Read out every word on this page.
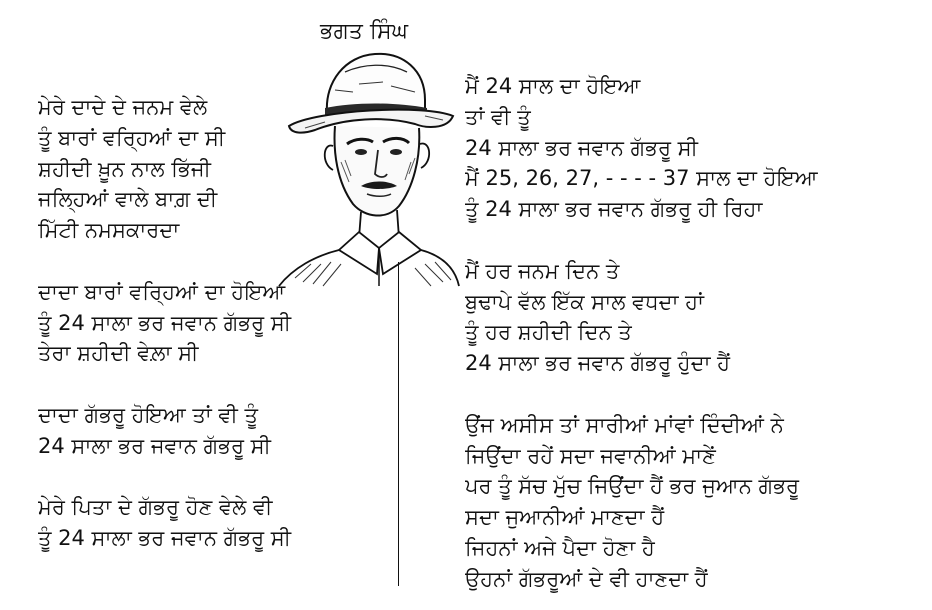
ਭਗਤ ਸਿੰਘ
ਮੇਰੇ ਦਾਦੇ ਦੇ ਜਨਮ ਵੇਲੇ
ਤੂੰ ਬਾਰਾਂ ਵਰ੍ਹਿਆਂ ਦਾ ਸੀ
ਸ਼ਹੀਦੀ ਖ਼ੂਨ ਨਾਲ ਭਿੱਜੀ
ਜਲ੍ਹਿਆਂ ਵਾਲੇ ਬਾਗ਼ ਦੀ
ਮਿੱਟੀ ਨਮਸਕਾਰਦਾ
ਦਾਦਾ ਬਾਰਾਂ ਵਰ੍ਹਿਆਂ ਦਾ ਹੋਇਆ
ਤੂੰ 24 ਸਾਲਾ ਭਰ ਜਵਾਨ ਗੱਭਰੂ ਸੀ
ਤੇਰਾ ਸ਼ਹੀਦੀ ਵੇਲ਼ਾ ਸੀ
ਦਾਦਾ ਗੱਭਰੂ ਹੋਇਆ ਤਾਂ ਵੀ ਤੂੰ
24 ਸਾਲਾ ਭਰ ਜਵਾਨ ਗੱਭਰੂ ਸੀ
ਮੇਰੇ ਪਿਤਾ ਦੇ ਗੱਭਰੂ ਹੋਣ ਵੇਲੇ ਵੀ
ਤੂੰ 24 ਸਾਲਾ ਭਰ ਜਵਾਨ ਗੱਭਰੂ ਸੀ
ਮੈਂ 24 ਸਾਲ ਦਾ ਹੋਇਆ
ਤਾਂ ਵੀ ਤੂੰ
24 ਸਾਲਾ ਭਰ ਜਵਾਨ ਗੱਭਰੂ ਸੀ
ਮੈਂ 25, 26, 27, - - - - 37 ਸਾਲ ਦਾ ਹੋਇਆ
ਤੂੰ 24 ਸਾਲਾ ਭਰ ਜਵਾਨ ਗੱਭਰੂ ਹੀ ਰਿਹਾ
ਮੈਂ ਹਰ ਜਨਮ ਦਿਨ ਤੇ
ਬੁਢਾਪੇ ਵੱਲ ਇੱਕ ਸਾਲ ਵਧਦਾ ਹਾਂ
ਤੂੰ ਹਰ ਸ਼ਹੀਦੀ ਦਿਨ ਤੇ
24 ਸਾਲਾ ਭਰ ਜਵਾਨ ਗੱਭਰੂ ਹੁੰਦਾ ਹੈਂ
ਉਂਜ ਅਸੀਸ ਤਾਂ ਸਾਰੀਆਂ ਮਾਂਵਾਂ ਦਿੰਦੀਆਂ ਨੇ
ਜਿਉਂਦਾ ਰਹੇਂ ਸਦਾ ਜਵਾਨੀਆਂ ਮਾਣੇਂ
ਪਰ ਤੂੰ ਸੱਚ ਮੁੱਚ ਜਿਉਂਦਾ ਹੈਂ ਭਰ ਜੁਆਨ ਗੱਭਰੂ
ਸਦਾ ਜੁਆਨੀਆਂ ਮਾਣਦਾ ਹੈਂ
ਜਿਹਨਾਂ ਅਜੇ ਪੈਦਾ ਹੋਣਾ ਹੈ
ਉਹਨਾਂ ਗੱਭਰੂਆਂ ਦੇ ਵੀ ਹਾਣਦਾ ਹੈਂ
